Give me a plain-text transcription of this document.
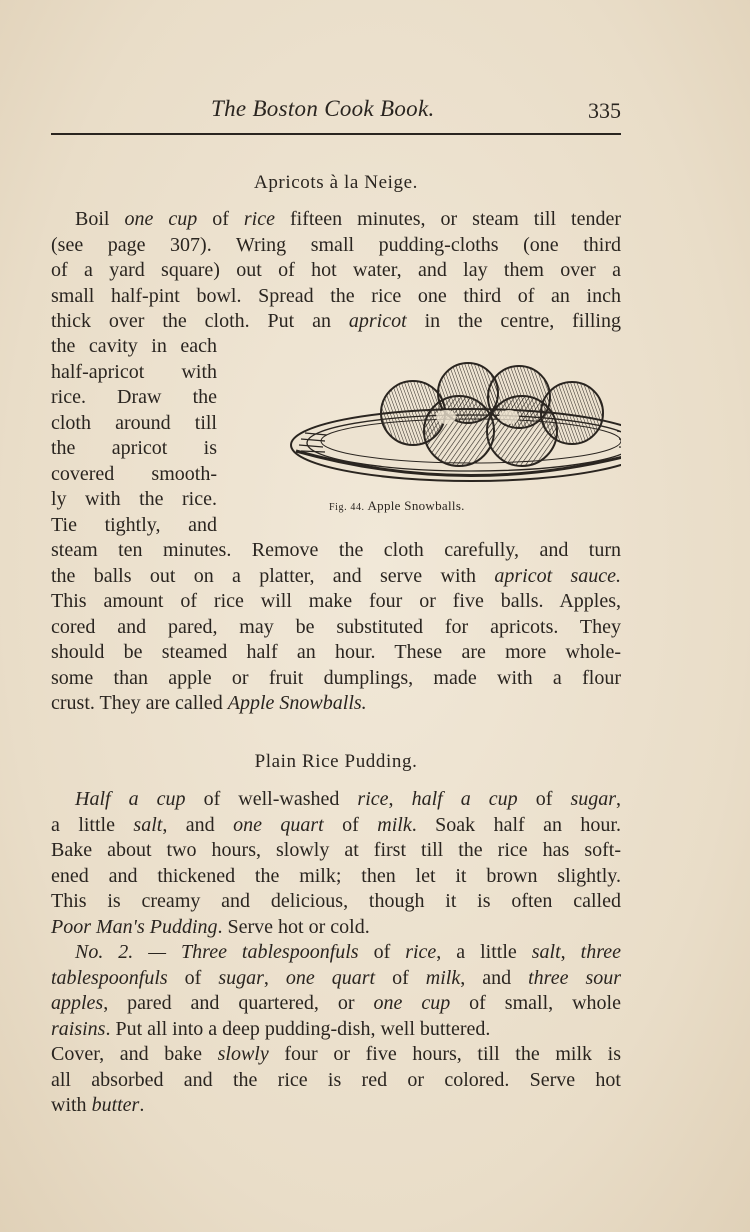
The Boston Cook Book.	335
Apricots à la Neige.
Boil one cup of rice fifteen minutes, or steam till tender
(see page 307). Wring small pudding-cloths (one third
of a yard square) out of hot water, and lay them over a
small half-pint bowl. Spread the rice one third of an inch
thick over the cloth. Put an apricot in the centre, filling
the cavity in each
half-apricot with
rice. Draw the
cloth around till
the apricot is
covered smooth-
ly with the rice.
Tie tightly, and
steam ten minutes. Remove the cloth carefully, and turn
the balls out on a platter, and serve with apricot sauce.
This amount of rice will make four or five balls. Apples,
cored and pared, may be substituted for apricots. They
should be steamed half an hour. These are more whole-
some than apple or fruit dumplings, made with a flour
crust. They are called Apple Snowballs.
Fig. 44. Apple Snowballs.
Plain Rice Pudding.
Half a cup of well-washed rice, half a cup of sugar,
a little salt, and one quart of milk. Soak half an hour.
Bake about two hours, slowly at first till the rice has soft-
ened and thickened the milk; then let it brown slightly.
This is creamy and delicious, though it is often called
Poor Man's Pudding. Serve hot or cold.
No. 2. — Three tablespoonfuls of rice, a little salt, three
tablespoonfuls of sugar, one quart of milk, and three sour
apples, pared and quartered, or one cup of small, whole
raisins. Put all into a deep pudding-dish, well buttered.
Cover, and bake slowly four or five hours, till the milk is
all absorbed and the rice is red or colored. Serve hot
with butter.
